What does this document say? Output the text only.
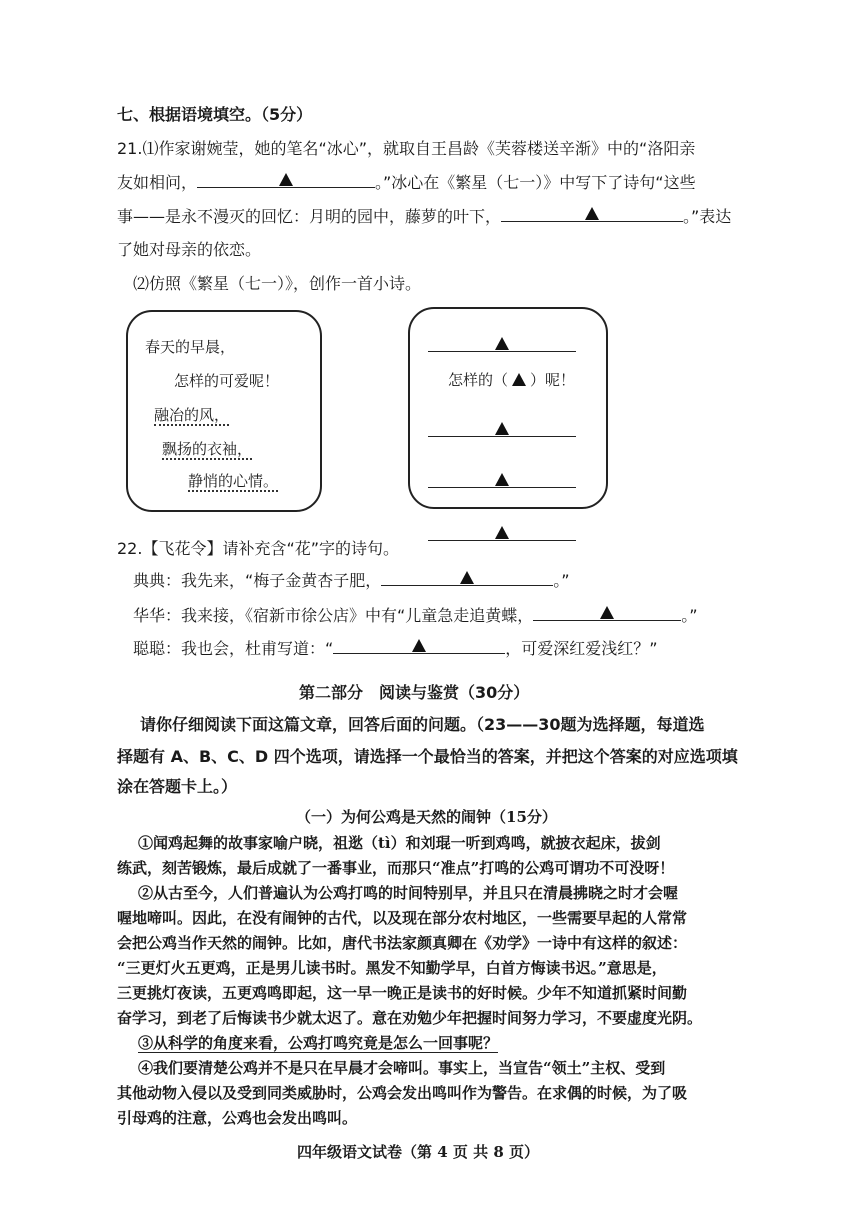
七、根据语境填空。（5分）
21.⑴作家谢婉莹，她的笔名“冰心”，就取自王昌龄《芙蓉楼送辛渐》中的“洛阳亲
友如相问，	。”冰心在《繁星（七一）》中写下了诗句“这些
事——是永不漫灭的回忆：月明的园中，藤萝的叶下，	。”表达
了她对母亲的依恋。
⑵仿照《繁星（七一）》，创作一首小诗。
春天的早晨，
怎样的可爱呢！
融冶的风，
飘扬的衣袖，
静悄的心情。

怎样的（ ）呢！

22.【飞花令】请补充含“花”字的诗句。
典典：我先来，“梅子金黄杏子肥，	。”
华华：我来接，《宿新市徐公店》中有“儿童急走追黄蝶，	。”
聪聪：我也会，杜甫写道：“	，可爱深红爱浅红？”
第二部分　阅读与鉴赏（30分）
请你仔细阅读下面这篇文章，回答后面的问题。（23——30题为选择题，每道选
择题有 A、B、C、D 四个选项，请选择一个最恰当的答案，并把这个答案的对应选项填
涂在答题卡上。）
（一）为何公鸡是天然的闹钟（15分）
①闻鸡起舞的故事家喻户晓，祖逖（tì）和刘琨一听到鸡鸣，就披衣起床，拔剑
练武，刻苦锻炼，最后成就了一番事业，而那只“准点”打鸣的公鸡可谓功不可没呀！
②从古至今，人们普遍认为公鸡打鸣的时间特别早，并且只在清晨拂晓之时才会喔
喔地啼叫。因此，在没有闹钟的古代，以及现在部分农村地区，一些需要早起的人常常
会把公鸡当作天然的闹钟。比如，唐代书法家颜真卿在《劝学》一诗中有这样的叙述：
“三更灯火五更鸡，正是男儿读书时。黑发不知勤学早，白首方悔读书迟。”意思是，
三更挑灯夜读，五更鸡鸣即起，这一早一晚正是读书的好时候。少年不知道抓紧时间勤
奋学习，到老了后悔读书少就太迟了。意在劝勉少年把握时间努力学习，不要虚度光阴。
③从科学的角度来看，公鸡打鸣究竟是怎么一回事呢？
④我们要清楚公鸡并不是只在早晨才会啼叫。事实上，当宣告“领土”主权、受到
其他动物入侵以及受到同类威胁时，公鸡会发出鸣叫作为警告。在求偶的时候，为了吸
引母鸡的注意，公鸡也会发出鸣叫。
四年级语文试卷（第 4 页 共 8 页）
